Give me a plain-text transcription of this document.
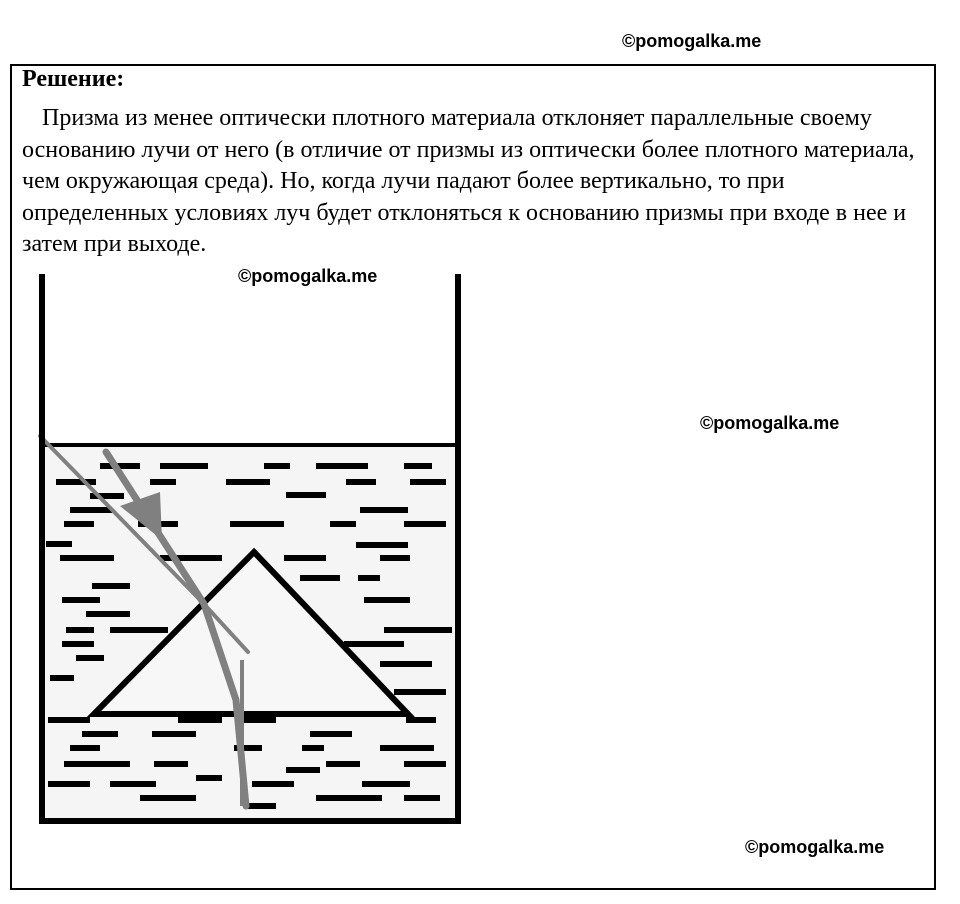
©pomogalka.me
Решение:

Призма из менее оптически плотного материала отклоняет параллельные своему основанию лучи от него (в отличие от призмы из оптически более плотного материала, чем окружающая среда). Но, когда лучи падают более вертикально, то при определенных условиях луч будет отклоняться к основанию призмы при входе в нее и затем при выходе.

©pomogalka.me
©pomogalka.me
©pomogalka.me
